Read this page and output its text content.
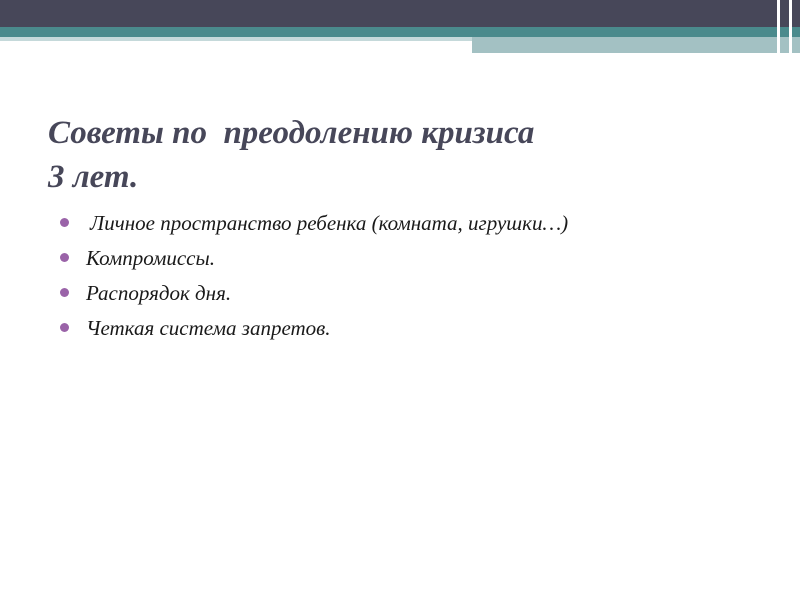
Советы по  преодолению кризиса
3 лет.
Личное пространство ребенка (комната, игрушки…)
Компромиссы.
Распорядок дня.
Четкая система запретов.
